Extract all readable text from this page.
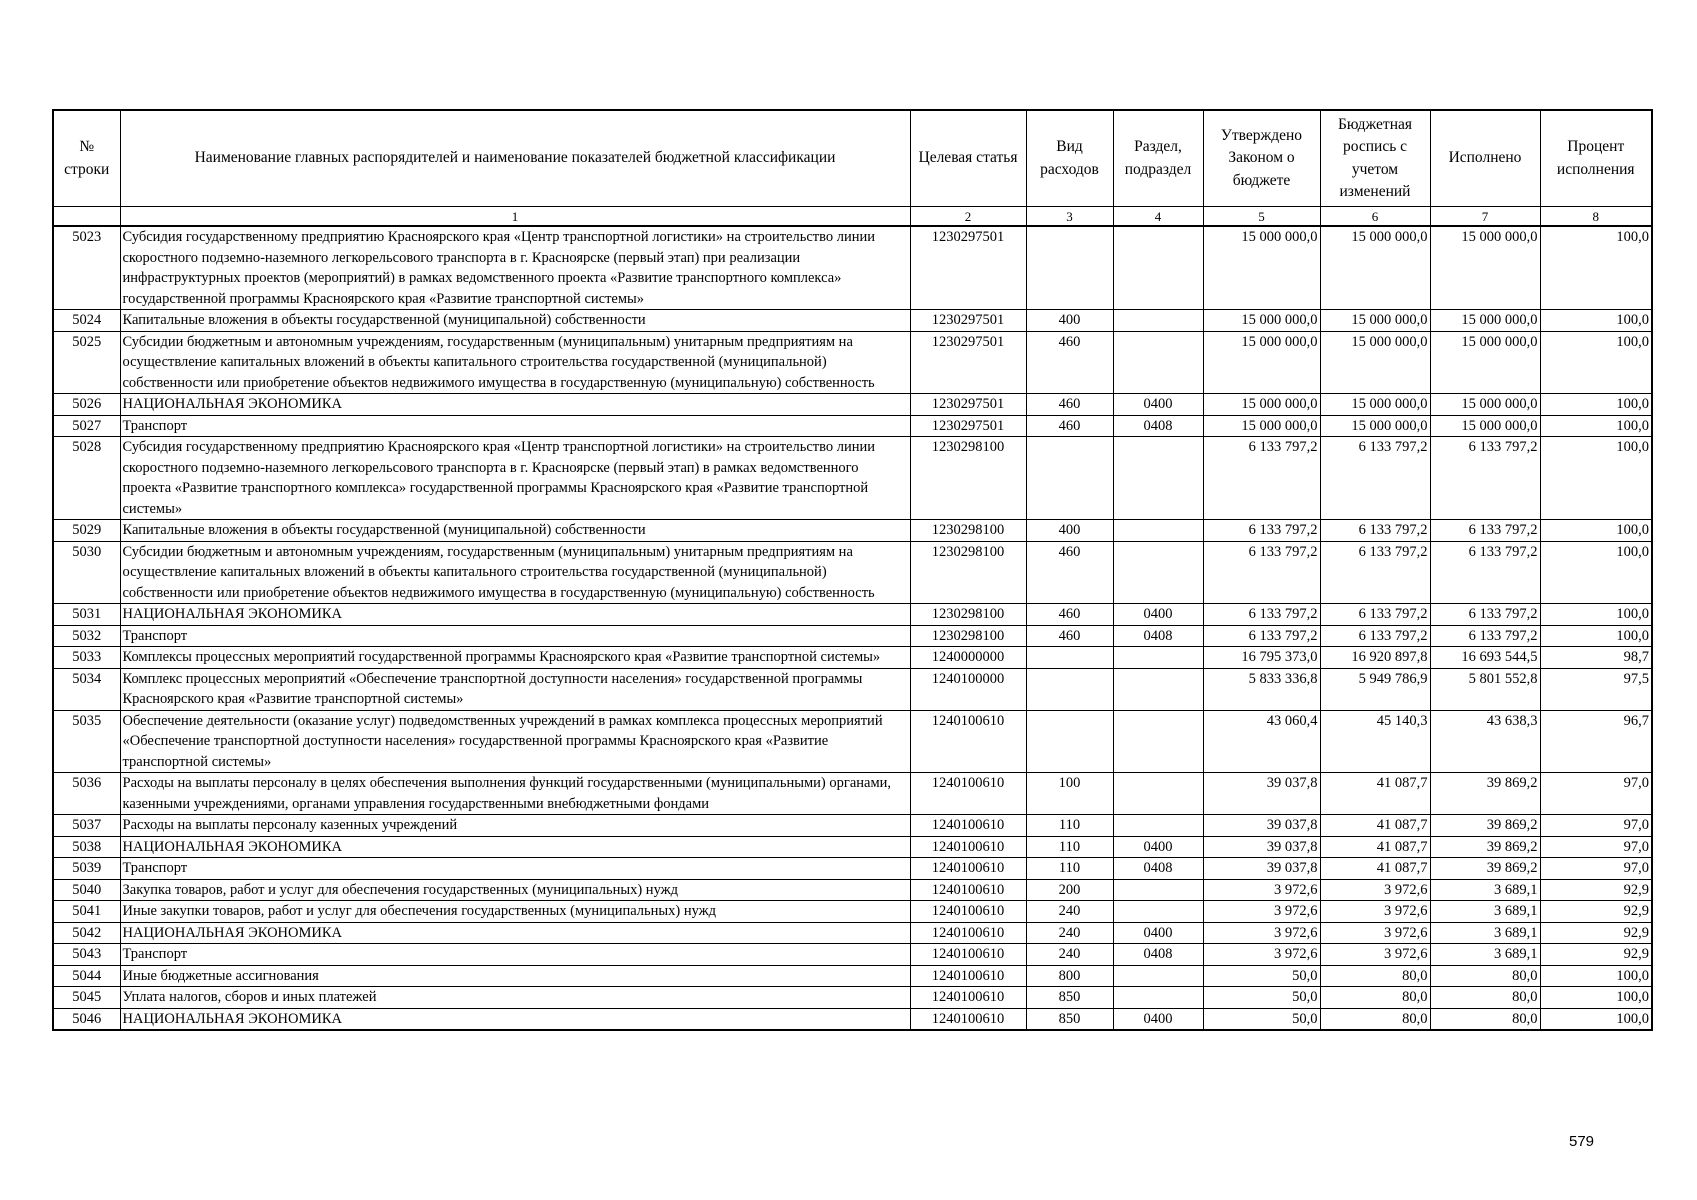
№ строки	Наименование главных распорядителей и наименование показателей бюджетной классификации	Целевая статья	Вид расходов	Раздел, подраздел	Утверждено Законом о бюджете	Бюджетная роспись с учетом изменений	Исполнено	Процент исполнения
	1	2	3	4	5	6	7	8
5023	Субсидия государственному предприятию Красноярского края «Центр транспортной логистики» на строительство линии скоростного подземно-наземного легкорельсового транспорта в г. Красноярске (первый этап) при реализации инфраструктурных проектов (мероприятий) в рамках ведомственного проекта «Развитие транспортного комплекса» государственной программы Красноярского края «Развитие транспортной системы»	1230297501			15 000 000,0	15 000 000,0	15 000 000,0	100,0
5024	Капитальные вложения в объекты государственной (муниципальной) собственности	1230297501	400		15 000 000,0	15 000 000,0	15 000 000,0	100,0
5025	Субсидии бюджетным и автономным учреждениям, государственным (муниципальным) унитарным предприятиям на осуществление капитальных вложений в объекты капитального строительства государственной (муниципальной) собственности или приобретение объектов недвижимого имущества в государственную (муниципальную) собственность	1230297501	460		15 000 000,0	15 000 000,0	15 000 000,0	100,0
5026	НАЦИОНАЛЬНАЯ ЭКОНОМИКА	1230297501	460	0400	15 000 000,0	15 000 000,0	15 000 000,0	100,0
5027	Транспорт	1230297501	460	0408	15 000 000,0	15 000 000,0	15 000 000,0	100,0
5028	Субсидия государственному предприятию Красноярского края «Центр транспортной логистики» на строительство линии скоростного подземно-наземного легкорельсового транспорта в г. Красноярске (первый этап) в рамках ведомственного проекта «Развитие транспортного комплекса» государственной программы Красноярского края «Развитие транспортной системы»	1230298100			6 133 797,2	6 133 797,2	6 133 797,2	100,0
5029	Капитальные вложения в объекты государственной (муниципальной) собственности	1230298100	400		6 133 797,2	6 133 797,2	6 133 797,2	100,0
5030	Субсидии бюджетным и автономным учреждениям, государственным (муниципальным) унитарным предприятиям на осуществление капитальных вложений в объекты капитального строительства государственной (муниципальной) собственности или приобретение объектов недвижимого имущества в государственную (муниципальную) собственность	1230298100	460		6 133 797,2	6 133 797,2	6 133 797,2	100,0
5031	НАЦИОНАЛЬНАЯ ЭКОНОМИКА	1230298100	460	0400	6 133 797,2	6 133 797,2	6 133 797,2	100,0
5032	Транспорт	1230298100	460	0408	6 133 797,2	6 133 797,2	6 133 797,2	100,0
5033	Комплексы процессных мероприятий государственной программы Красноярского края «Развитие транспортной системы»	1240000000			16 795 373,0	16 920 897,8	16 693 544,5	98,7
5034	Комплекс процессных мероприятий «Обеспечение транспортной доступности населения» государственной программы Красноярского края «Развитие транспортной системы»	1240100000			5 833 336,8	5 949 786,9	5 801 552,8	97,5
5035	Обеспечение деятельности (оказание услуг) подведомственных учреждений в рамках комплекса процессных мероприятий «Обеспечение транспортной доступности населения» государственной программы Красноярского края «Развитие транспортной системы»	1240100610			43 060,4	45 140,3	43 638,3	96,7
5036	Расходы на выплаты персоналу в целях обеспечения выполнения функций государственными (муниципальными) органами, казенными учреждениями, органами управления государственными внебюджетными фондами	1240100610	100		39 037,8	41 087,7	39 869,2	97,0
5037	Расходы на выплаты персоналу казенных учреждений	1240100610	110		39 037,8	41 087,7	39 869,2	97,0
5038	НАЦИОНАЛЬНАЯ ЭКОНОМИКА	1240100610	110	0400	39 037,8	41 087,7	39 869,2	97,0
5039	Транспорт	1240100610	110	0408	39 037,8	41 087,7	39 869,2	97,0
5040	Закупка товаров, работ и услуг для обеспечения государственных (муниципальных) нужд	1240100610	200		3 972,6	3 972,6	3 689,1	92,9
5041	Иные закупки товаров, работ и услуг для обеспечения государственных (муниципальных) нужд	1240100610	240		3 972,6	3 972,6	3 689,1	92,9
5042	НАЦИОНАЛЬНАЯ ЭКОНОМИКА	1240100610	240	0400	3 972,6	3 972,6	3 689,1	92,9
5043	Транспорт	1240100610	240	0408	3 972,6	3 972,6	3 689,1	92,9
5044	Иные бюджетные ассигнования	1240100610	800		50,0	80,0	80,0	100,0
5045	Уплата налогов, сборов и иных платежей	1240100610	850		50,0	80,0	80,0	100,0
5046	НАЦИОНАЛЬНАЯ ЭКОНОМИКА	1240100610	850	0400	50,0	80,0	80,0	100,0
579
